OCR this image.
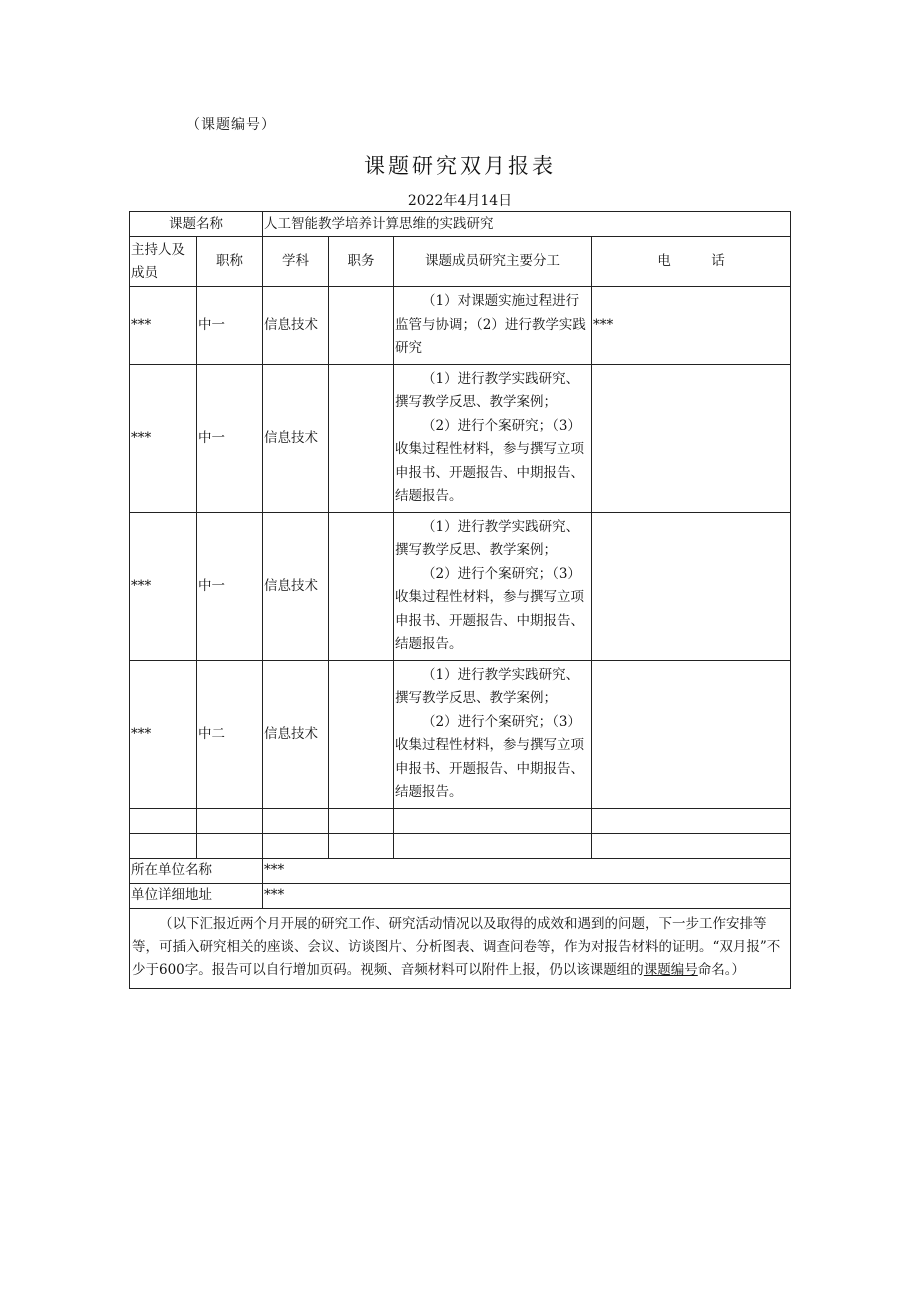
（课题编号）
课题研究双月报表
2022年4月14日
课题名称		人工智能教学培养计算思维的实践研究			
主持人及成员	职称	学科	职务	课题成员研究主要分工	电　　　话
***	中一	信息技术		（1）对课题实施过程进行监管与协调；（2）进行教学实践研究	***
***	中一	信息技术		（1）进行教学实践研究、撰写教学反思、教学案例；

（2）进行个案研究；（3）收集过程性材料，参与撰写立项申报书、开题报告、中期报告、结题报告。	

***	中一	信息技术		（1）进行教学实践研究、撰写教学反思、教学案例；

（2）进行个案研究；（3）收集过程性材料，参与撰写立项申报书、开题报告、中期报告、结题报告。	

***	中二	信息技术		（1）进行教学实践研究、撰写教学反思、教学案例；

（2）进行个案研究；（3）收集过程性材料，参与撰写立项申报书、开题报告、中期报告、结题报告。	

所在单位名称		***			
单位详细地址		***			
（以下汇报近两个月开展的研究工作、研究活动情况以及取得的成效和遇到的问题，下一步工作安排等等，可插入研究相关的座谈、会议、访谈图片、分析图表、调查问卷等，作为对报告材料的证明。“双月报”不少于600字。报告可以自行增加页码。视频、音频材料可以附件上报，仍以该课题组的课题编号命名。）					
